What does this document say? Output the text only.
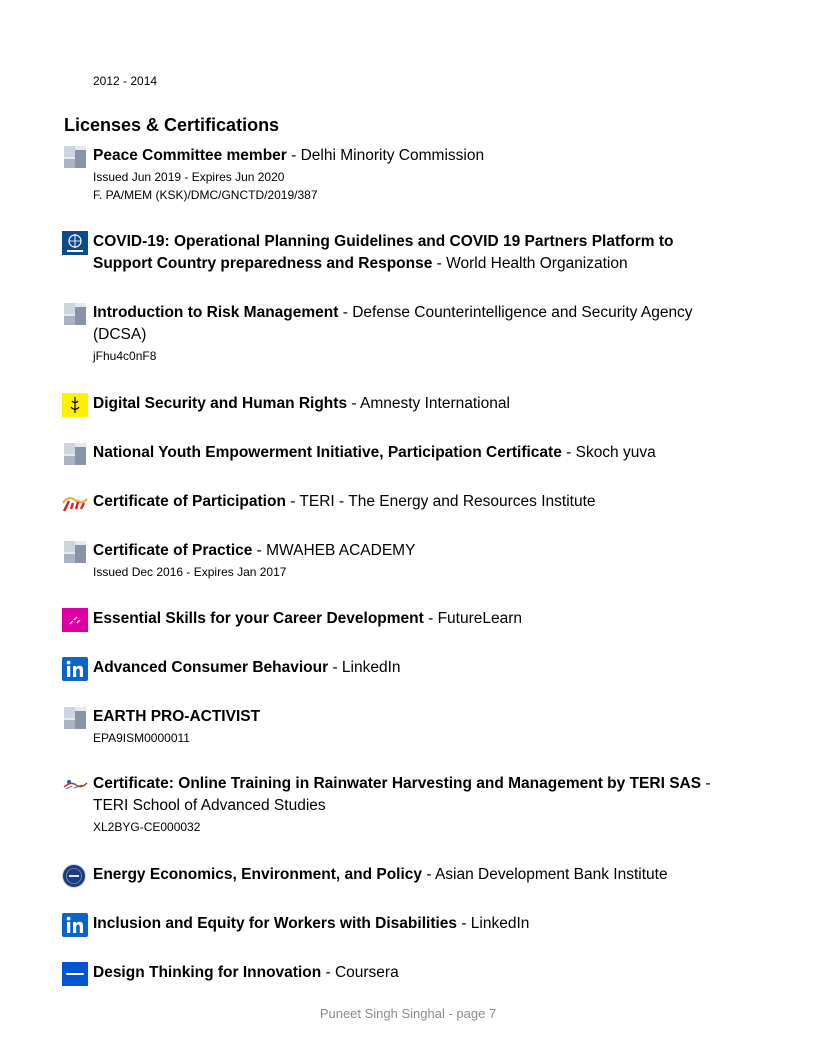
2012 - 2014
Licenses & Certifications
Peace Committee member - Delhi Minority Commission
Issued Jun 2019 - Expires Jun 2020
F. PA/MEM (KSK)/DMC/GNCTD/2019/387
COVID-19: Operational Planning Guidelines and COVID 19 Partners Platform to Support Country preparedness and Response - World Health Organization
Introduction to Risk Management - Defense Counterintelligence and Security Agency (DCSA)
jFhu4c0nF8
Digital Security and Human Rights - Amnesty International
National Youth Empowerment Initiative, Participation Certificate - Skoch yuva
Certificate of Participation - TERI - The Energy and Resources Institute
Certificate of Practice - MWAHEB ACADEMY
Issued Dec 2016 - Expires Jan 2017
Essential Skills for your Career Development - FutureLearn
Advanced Consumer Behaviour - LinkedIn
EARTH PRO-ACTIVIST
EPA9ISM0000011
Certificate: Online Training in Rainwater Harvesting and Management by TERI SAS - TERI School of Advanced Studies
XL2BYG-CE000032
Energy Economics, Environment, and Policy - Asian Development Bank Institute
Inclusion and Equity for Workers with Disabilities - LinkedIn
Design Thinking for Innovation - Coursera
Puneet Singh Singhal - page 7
